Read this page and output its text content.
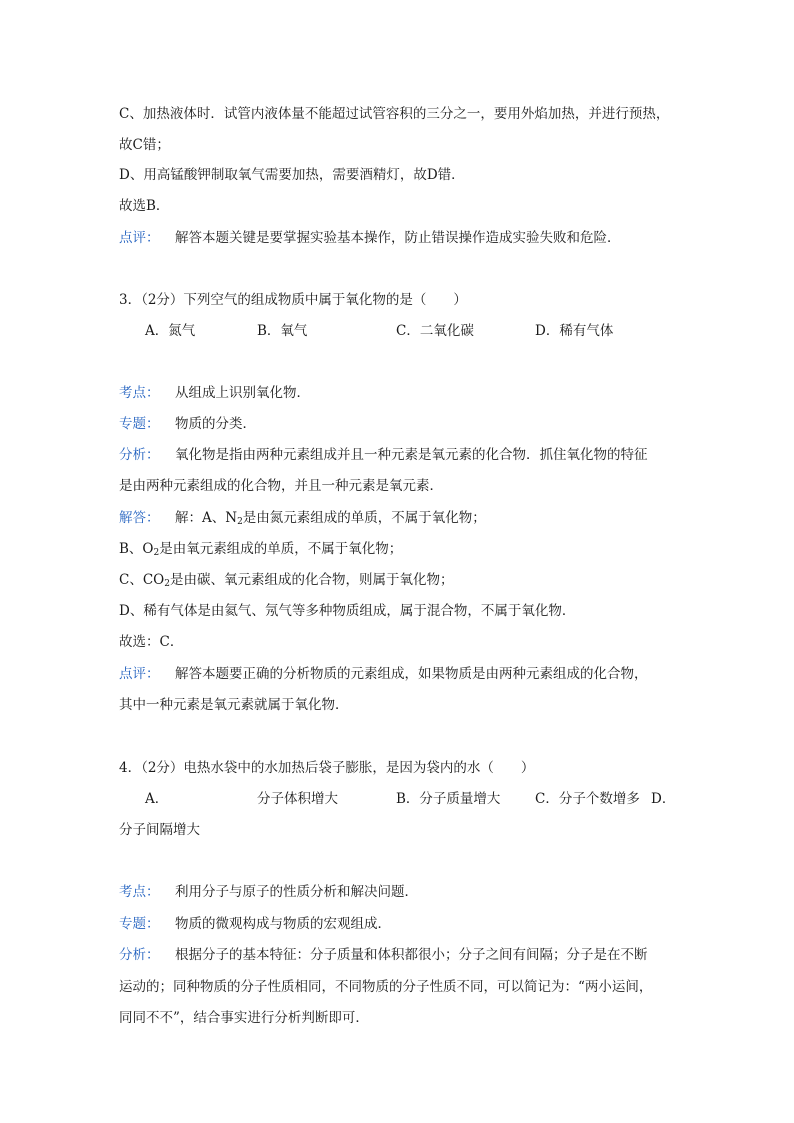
C、加热液体时．试管内液体量不能超过试管容积的三分之一，要用外焰加热，并进行预热，
故C错；
D、用高锰酸钾制取氧气需要加热，需要酒精灯，故D错．
故选B．
点评： 解答本题关键是要掌握实验基本操作，防止错误操作造成实验失败和危险．
3．（2分）下列空气的组成物质中属于氧化物的是（　　）
A．氮气	B．氧气	C．二氧化碳	D．稀有气体
考点： 从组成上识别氧化物．
专题： 物质的分类．
分析： 氧化物是指由两种元素组成并且一种元素是氧元素的化合物．抓住氧化物的特征
是由两种元素组成的化合物，并且一种元素是氧元素．
解答： 解：A、$N_2$是由氮元素组成的单质，不属于氧化物；
B、$O_2$是由氧元素组成的单质，不属于氧化物；
C、$CO_2$是由碳、氧元素组成的化合物，则属于氧化物；
D、稀有气体是由氦气、氖气等多种物质组成，属于混合物，不属于氧化物．
故选：C．
点评： 解答本题要正确的分析物质的元素组成，如果物质是由两种元素组成的化合物，
其中一种元素是氧元素就属于氧化物．
4．（2分）电热水袋中的水加热后袋子膨胀，是因为袋内的水（　　）
A．	分子体积增大	B．分子质量增大	C．分子个数增多 D．
分子间隔增大
考点： 利用分子与原子的性质分析和解决问题．
专题： 物质的微观构成与物质的宏观组成．
分析： 根据分子的基本特征：分子质量和体积都很小；分子之间有间隔；分子是在不断
运动的；同种物质的分子性质相同，不同物质的分子性质不同，可以简记为：“两小运间，
同同不不”，结合事实进行分析判断即可．
